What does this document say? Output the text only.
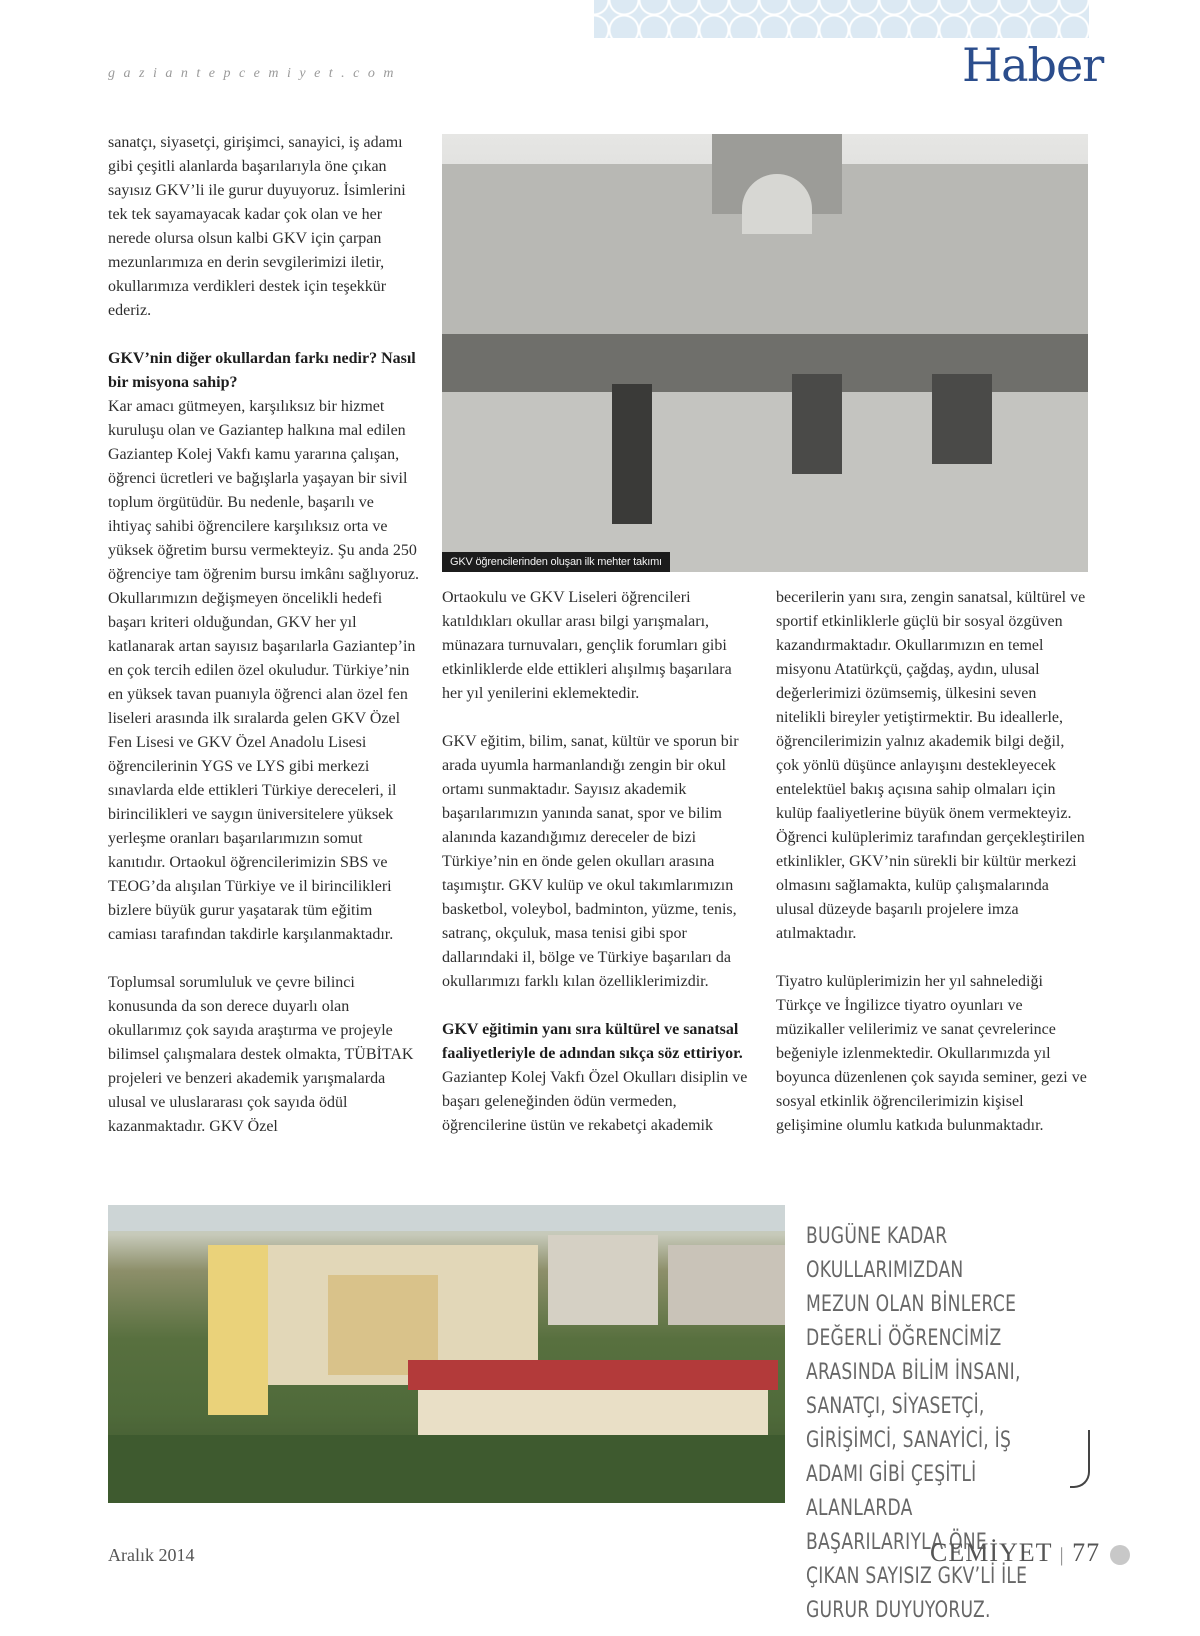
gaziantepcemiyet.com	Haber

sanatçı, siyasetçi, girişimci, sanayici, iş adamı gibi çeşitli alanlarda başarılarıyla öne çıkan sayısız GKV’li ile gurur duyuyoruz. İsimlerini tek tek sayamayacak kadar çok olan ve her nerede olursa olsun kalbi GKV için çarpan mezunlarımıza en derin sevgilerimizi iletir, okullarımıza verdikleri destek için teşekkür ederiz.

GKV’nin diğer okullardan farkı nedir? Nasıl bir misyona sahip?

Kar amacı gütmeyen, karşılıksız bir hizmet kuruluşu olan ve Gaziantep halkına mal edilen Gaziantep Kolej Vakfı kamu yararına çalışan, öğrenci ücretleri ve bağışlarla yaşayan bir sivil toplum örgütüdür. Bu nedenle, başarılı ve ihtiyaç sahibi öğrencilere karşılıksız orta ve yüksek öğretim bursu vermekteyiz. Şu anda 250 öğrenciye tam öğrenim bursu imkânı sağlıyoruz. Okullarımızın değişmeyen öncelikli hedefi başarı kriteri olduğundan, GKV her yıl katlanarak artan sayısız başarılarla Gaziantep’in en çok tercih edilen özel okuludur. Türkiye’nin en yüksek tavan puanıyla öğrenci alan özel fen liseleri arasında ilk sıralarda gelen GKV Özel Fen Lisesi ve GKV Özel Anadolu Lisesi öğrencilerinin YGS ve LYS gibi merkezi sınavlarda elde ettikleri Türkiye dereceleri, il birincilikleri ve saygın üniversitelere yüksek yerleşme oranları başarılarımızın somut kanıtıdır. Ortaokul öğrencilerimizin SBS ve TEOG’da alışılan Türkiye ve il birincilikleri bizlere büyük gurur yaşatarak tüm eğitim camiası tarafından takdirle karşılanmaktadır.

Toplumsal sorumluluk ve çevre bilinci konusunda da son derece duyarlı olan okullarımız çok sayıda araştırma ve projeyle bilimsel çalışmalara destek olmakta, TÜBİTAK projeleri ve benzeri akademik yarışmalarda ulusal ve uluslararası çok sayıda ödül kazanmaktadır. GKV Özel

GKV öğrencilerinden oluşan ilk mehter takımı

Ortaokulu ve GKV Liseleri öğrencileri katıldıkları okullar arası bilgi yarışmaları, münazara turnuvaları, gençlik forumları gibi etkinliklerde elde ettikleri alışılmış başarılara her yıl yenilerini eklemektedir.

GKV eğitim, bilim, sanat, kültür ve sporun bir arada uyumla harmanlandığı zengin bir okul ortamı sunmaktadır. Sayısız akademik başarılarımızın yanında sanat, spor ve bilim alanında kazandığımız dereceler de bizi Türkiye’nin en önde gelen okulları arasına taşımıştır. GKV kulüp ve okul takımlarımızın basketbol, voleybol, badminton, yüzme, tenis, satranç, okçuluk, masa tenisi gibi spor dallarındaki il, bölge ve Türkiye başarıları da okullarımızı farklı kılan özelliklerimizdir.

GKV eğitimin yanı sıra kültürel ve sanatsal faaliyetleriyle de adından sıkça söz ettiriyor.

Gaziantep Kolej Vakfı Özel Okulları disiplin ve başarı geleneğinden ödün vermeden, öğrencilerine üstün ve rekabetçi akademik

becerilerin yanı sıra, zengin sanatsal, kültürel ve sportif etkinliklerle güçlü bir sosyal özgüven kazandırmaktadır. Okullarımızın en temel misyonu Atatürkçü, çağdaş, aydın, ulusal değerlerimizi özümsemiş, ülkesini seven nitelikli bireyler yetiştirmektir. Bu ideallerle, öğrencilerimizin yalnız akademik bilgi değil, çok yönlü düşünce anlayışını destekleyecek entelektüel bakış açısına sahip olmaları için kulüp faaliyetlerine büyük önem vermekteyiz. Öğrenci kulüplerimiz tarafından gerçekleştirilen etkinlikler, GKV’nin sürekli bir kültür merkezi olmasını sağlamakta, kulüp çalışmalarında ulusal düzeyde başarılı projelere imza atılmaktadır.

Tiyatro kulüplerimizin her yıl sahnelediği Türkçe ve İngilizce tiyatro oyunları ve müzikaller velilerimiz ve sanat çevrelerince beğeniyle izlenmektedir. Okullarımızda yıl boyunca düzenlenen çok sayıda seminer, gezi ve sosyal etkinlik öğrencilerimizin kişisel gelişimine olumlu katkıda bulunmaktadır.

BUGÜNE KADAR OKULLARIMIZDAN MEZUN OLAN BİNLERCE DEĞERLİ ÖĞRENCİMİZ ARASINDA BİLİM İNSANI, SANATÇI, SİYASETÇİ, GİRİŞİMCİ, SANAYİCİ, İŞ ADAMI GİBİ ÇEŞİTLİ ALANLARDA BAŞARILARIYLA ÖNE ÇIKAN SAYISIZ GKV’Lİ İLE GURUR DUYUYORUZ.
Aralık 2014	CEMİYET | 77
